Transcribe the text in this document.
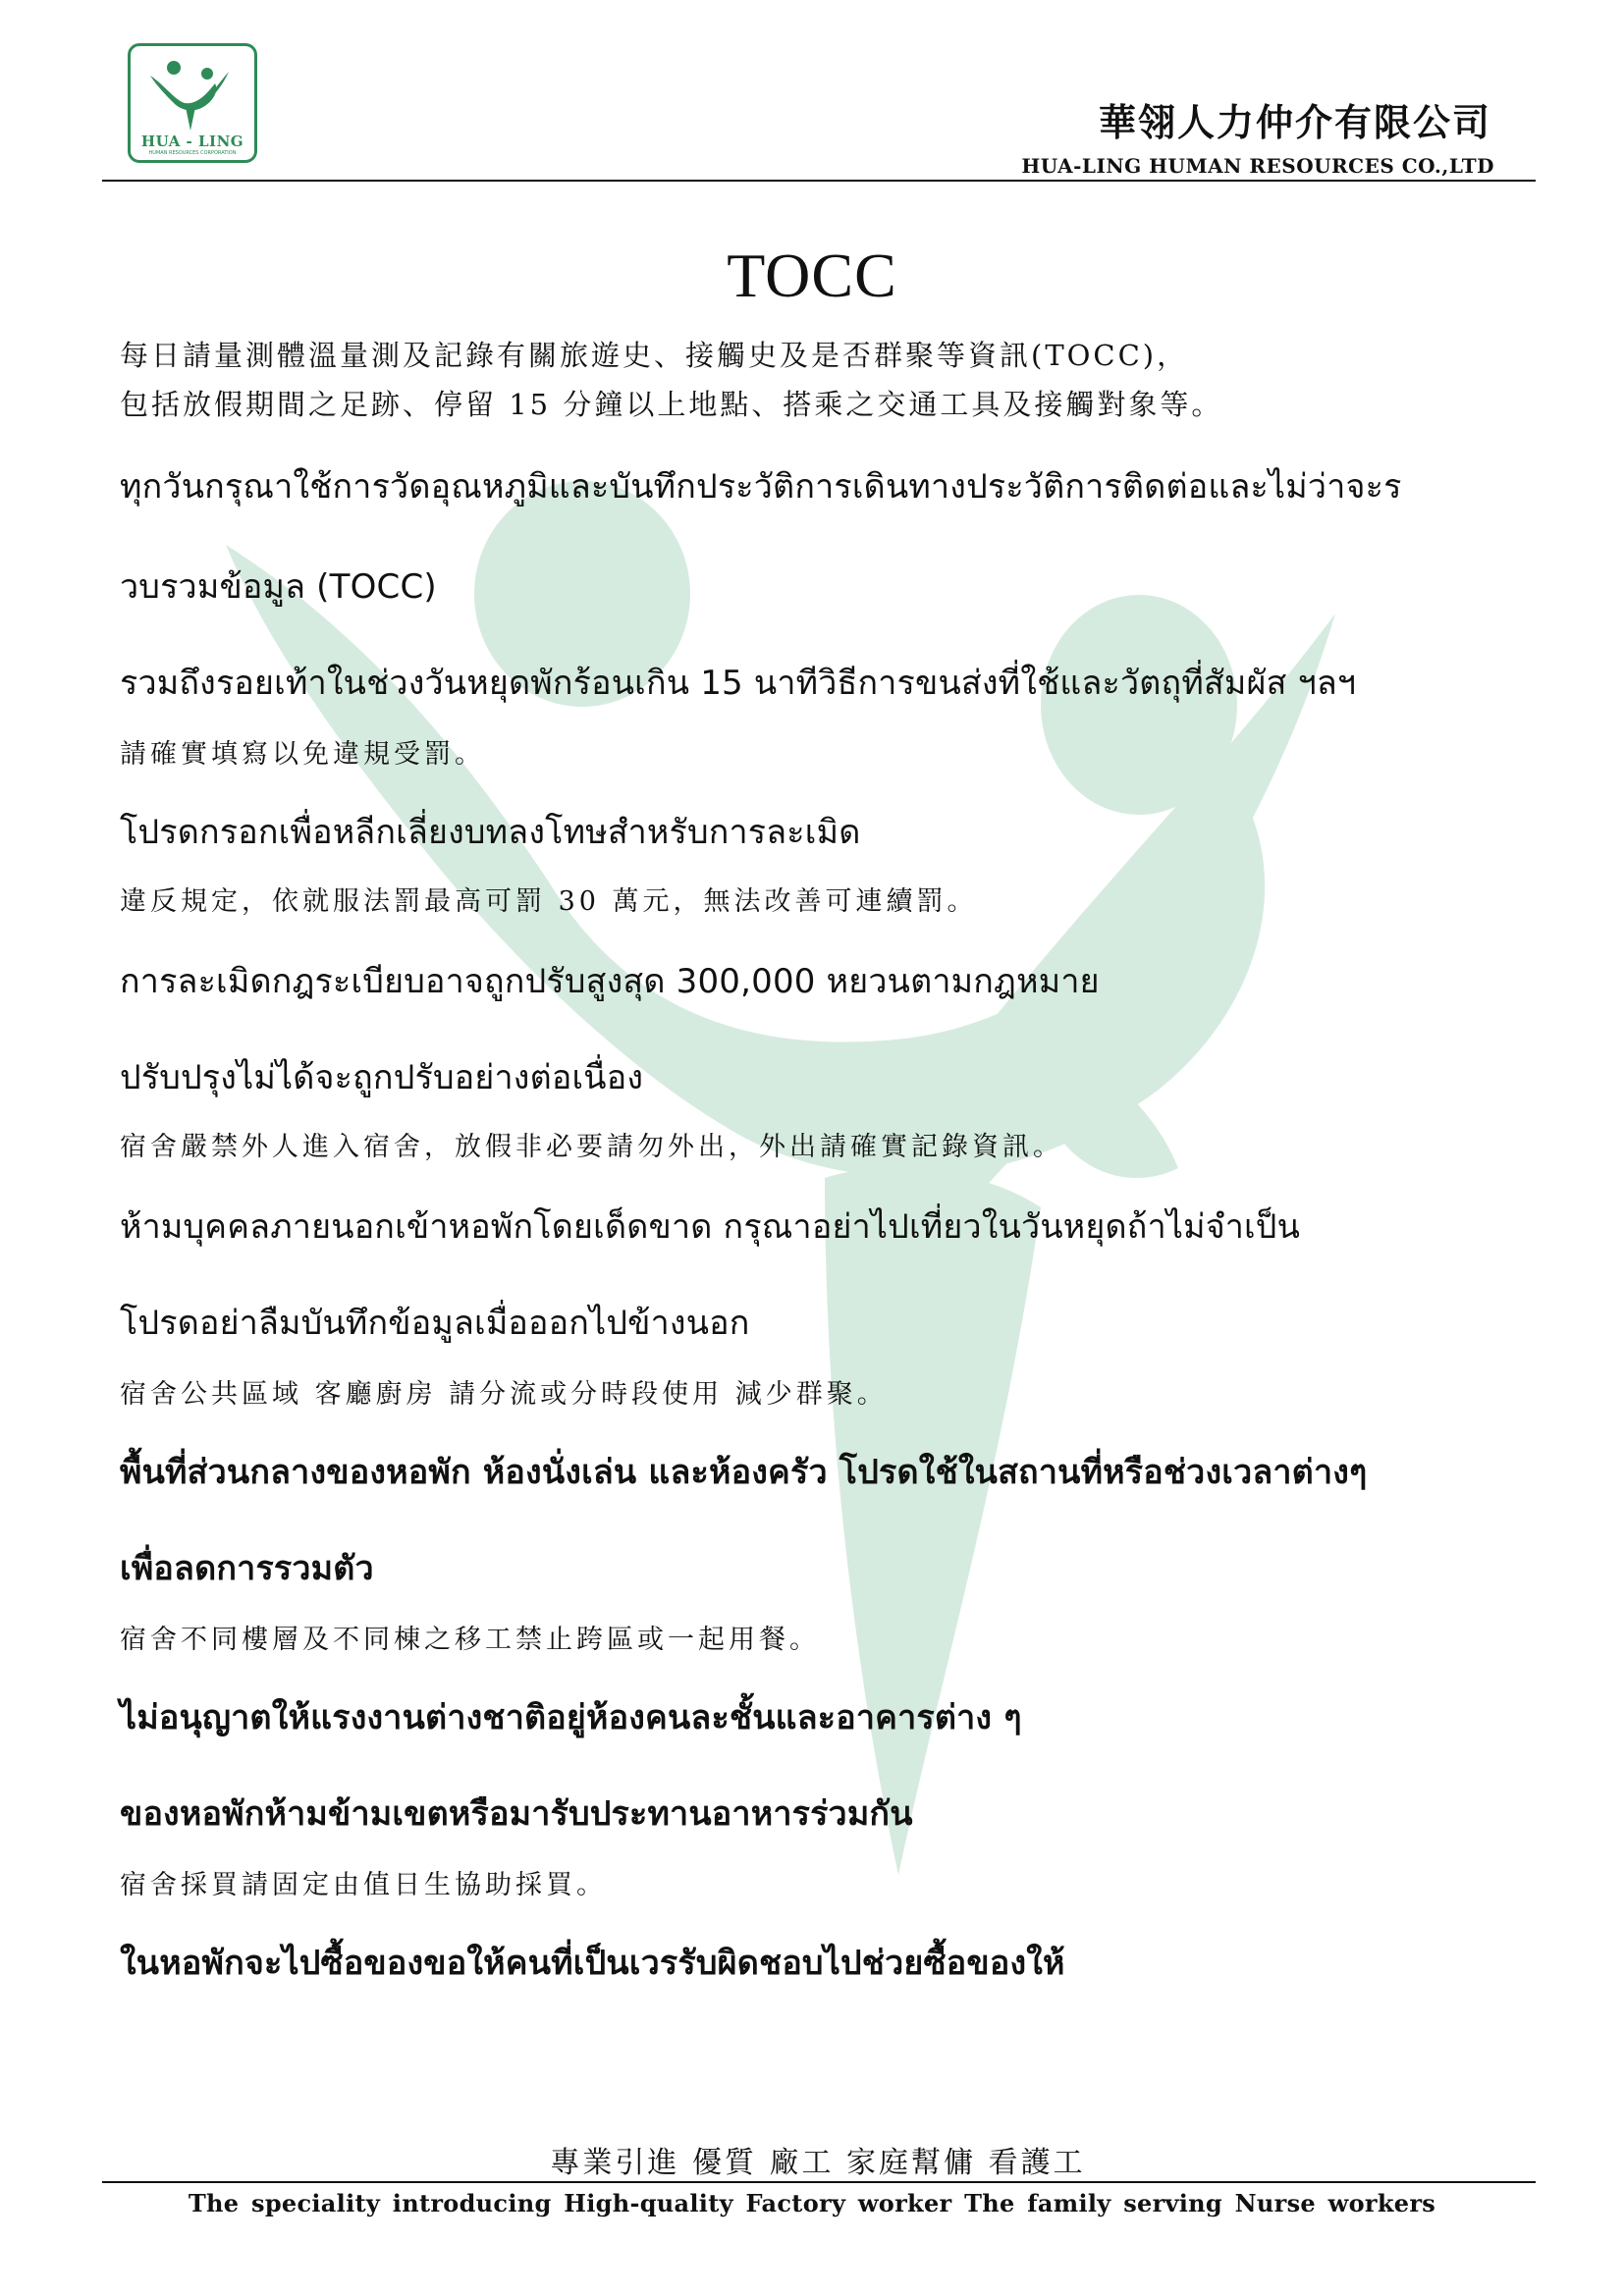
HUA - LING
HUMAN RESOURCES CORPORATION
華翎人力仲介有限公司
HUA-LING HUMAN RESOURCES CO.,LTD
TOCC
每日請量測體溫量測及記錄有關旅遊史、接觸史及是否群聚等資訊(TOCC)，
包括放假期間之足跡、停留 15 分鐘以上地點、搭乘之交通工具及接觸對象等。
ทุกวันกรุณาใช้การวัดอุณหภูมิและบันทึกประวัติการเดินทางประวัติการติดต่อและไม่ว่าจะร
วบรวมข้อมูล (TOCC)
รวมถึงรอยเท้าในช่วงวันหยุดพักร้อนเกิน 15 นาทีวิธีการขนส่งที่ใช้และวัตถุที่สัมผัส ฯลฯ
請確實填寫以免違規受罰。
โปรดกรอกเพื่อหลีกเลี่ยงบทลงโทษสำหรับการละเมิด
違反規定，依就服法罰最高可罰 30 萬元，無法改善可連續罰。
การละเมิดกฎระเบียบอาจถูกปรับสูงสุด 300,000 หยวนตามกฎหมาย
ปรับปรุงไม่ได้จะถูกปรับอย่างต่อเนื่อง
宿舍嚴禁外人進入宿舍，放假非必要請勿外出，外出請確實記錄資訊。
ห้ามบุคคลภายนอกเข้าหอพักโดยเด็ดขาด กรุณาอย่าไปเที่ยวในวันหยุดถ้าไม่จำเป็น
โปรดอย่าลืมบันทึกข้อมูลเมื่อออกไปข้างนอก
宿舍公共區域 客廳廚房 請分流或分時段使用 減少群聚。
พื้นที่ส่วนกลางของหอพัก ห้องนั่งเล่น และห้องครัว โปรดใช้ในสถานที่หรือช่วงเวลาต่างๆ
เพื่อลดการรวมตัว
宿舍不同樓層及不同棟之移工禁止跨區或一起用餐。
ไม่อนุญาตให้แรงงานต่างชาติอยู่ห้องคนละชั้นและอาคารต่าง ๆ
ของหอพักห้ามข้ามเขตหรือมารับประทานอาหารร่วมกัน
宿舍採買請固定由值日生協助採買。
ในหอพักจะไปซื้อของขอให้คนที่เป็นเวรรับผิดชอบไปช่วยซื้อของให้
專業引進 優質 廠工 家庭幫傭 看護工
The speciality introducing High-quality Factory worker The family serving Nurse workers
